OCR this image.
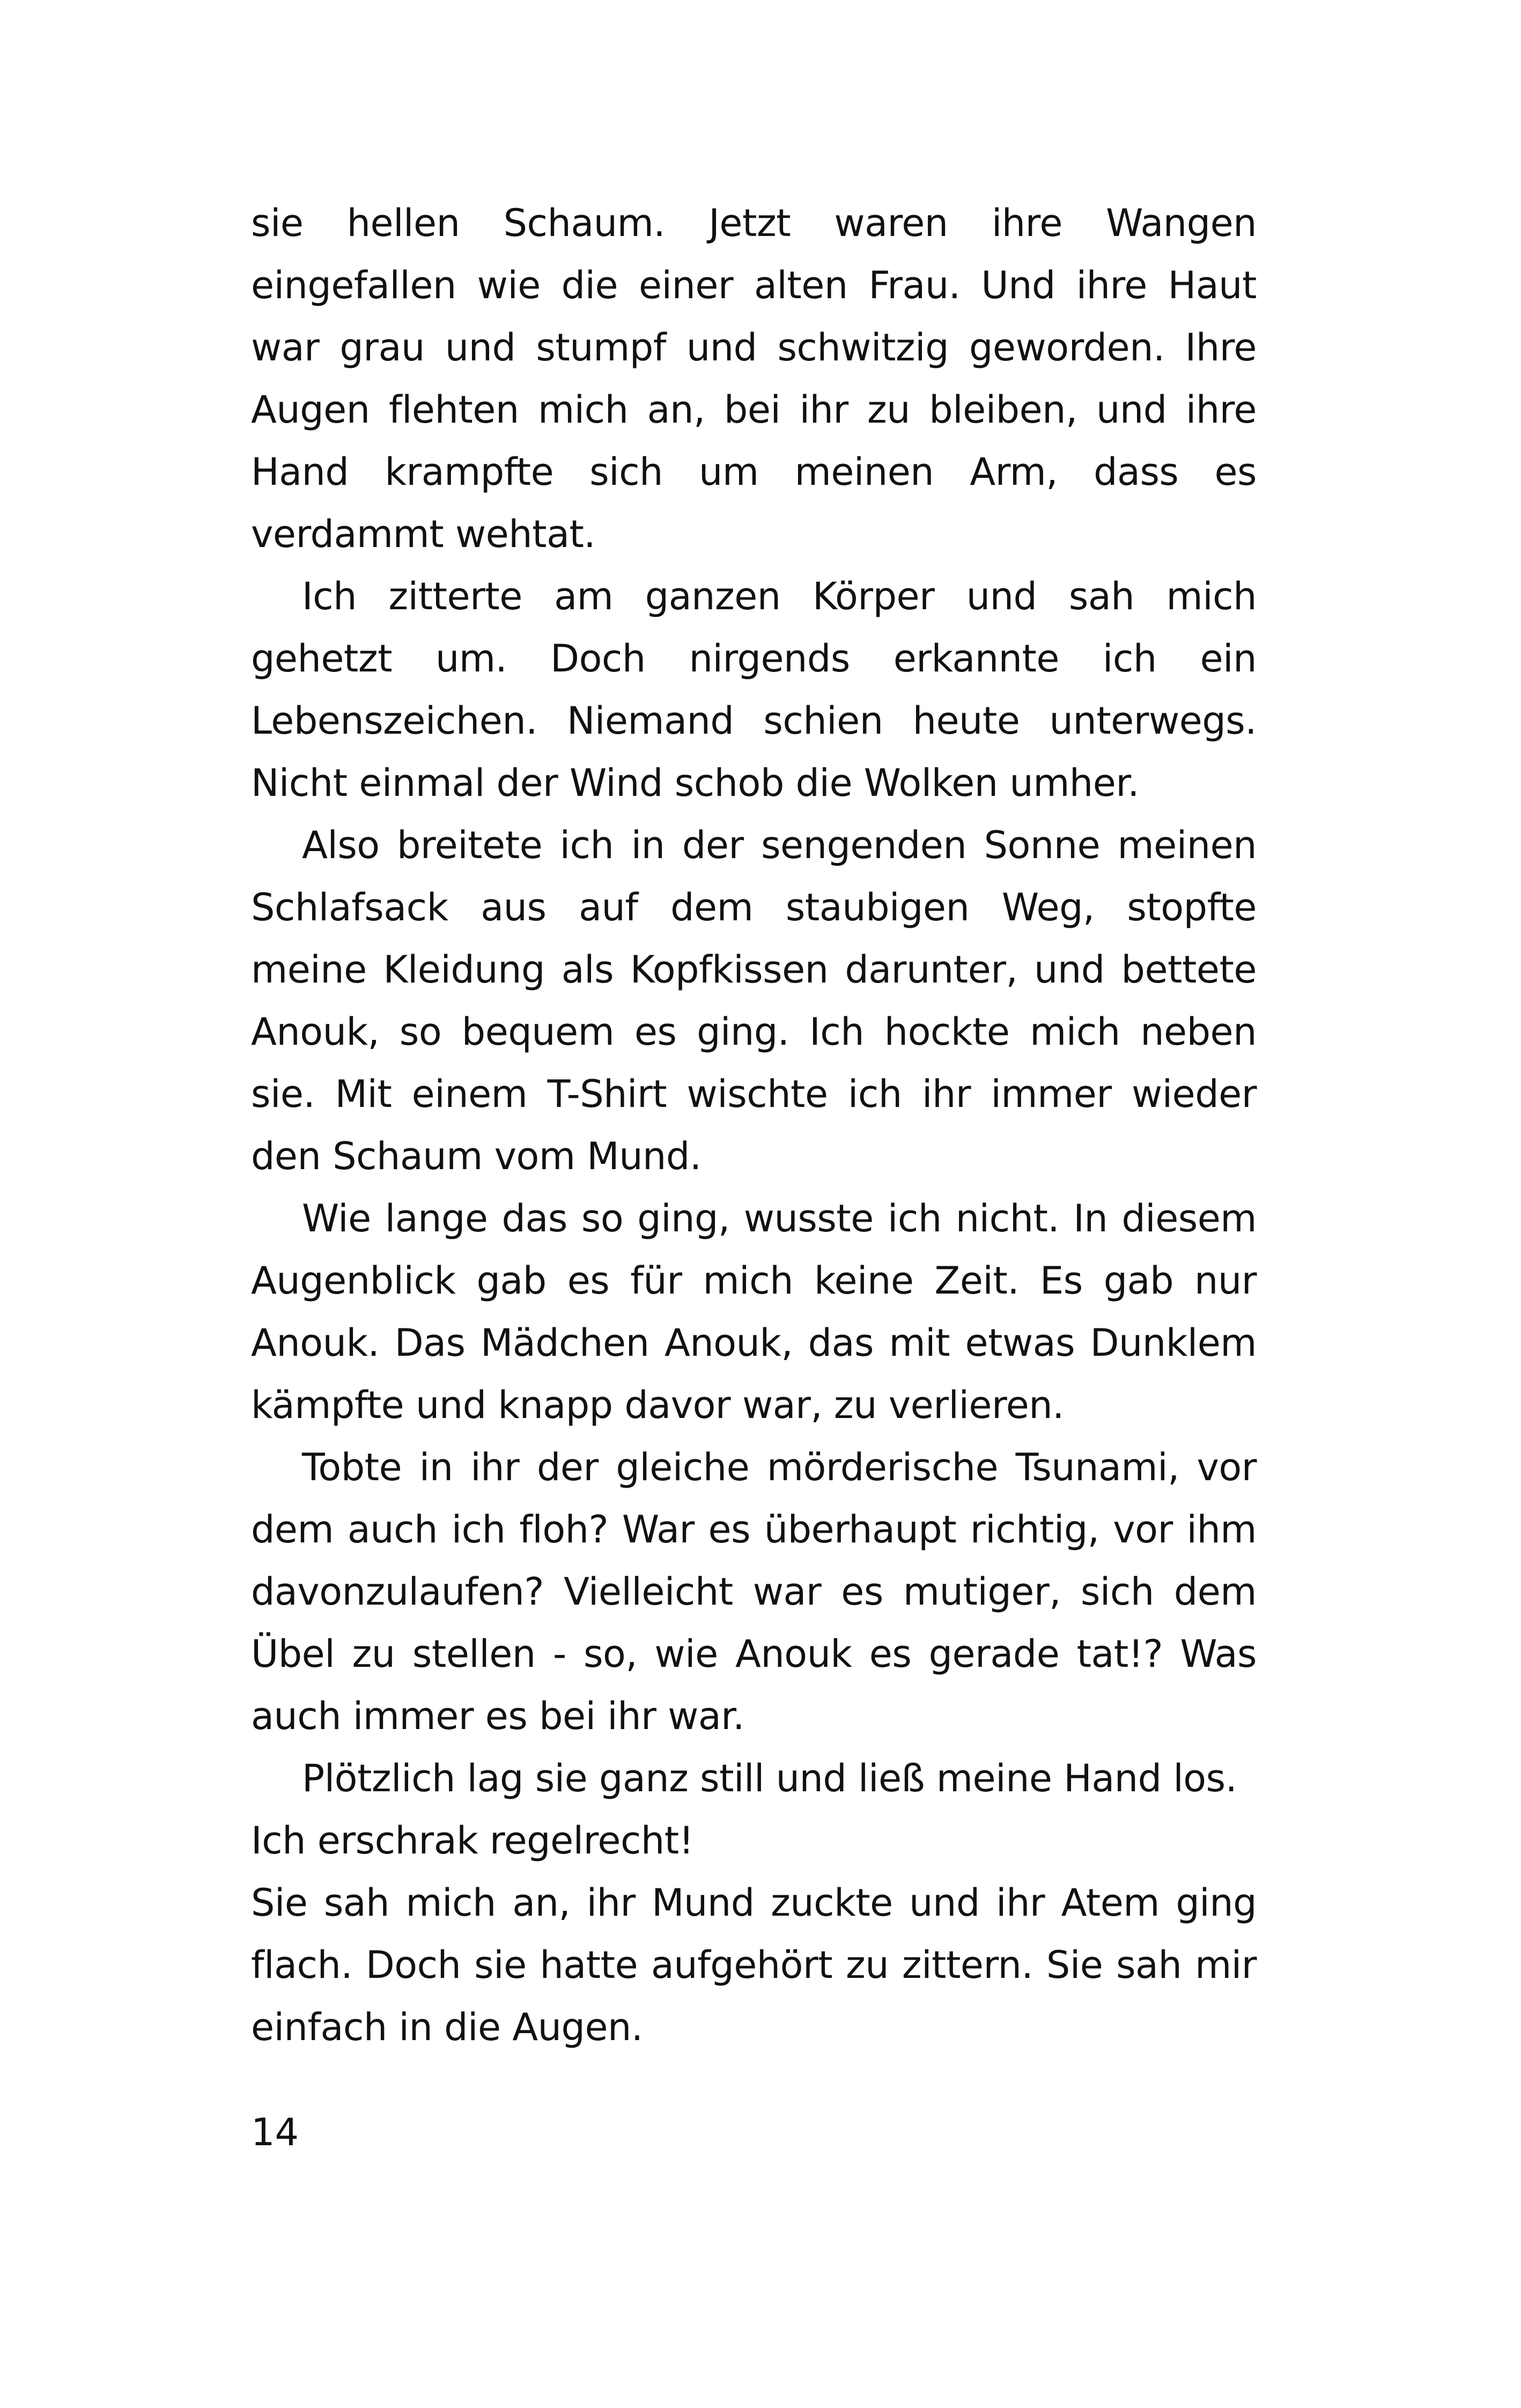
sie hellen Schaum. Jetzt waren ihre Wangen eingefallen wie die einer alten Frau. Und ihre Haut war grau und stumpf und schwitzig geworden. Ihre Augen flehten mich an, bei ihr zu bleiben, und ihre Hand krampfte sich um meinen Arm, dass es verdammt wehtat.

Ich zitterte am ganzen Körper und sah mich gehetzt um. Doch nirgends erkannte ich ein Lebenszeichen. Niemand schien heute unterwegs. Nicht einmal der Wind schob die Wolken umher.

Also breitete ich in der sengenden Sonne meinen Schlafsack aus auf dem staubigen Weg, stopfte meine Kleidung als Kopfkissen darunter, und bettete Anouk, so bequem es ging. Ich hockte mich neben sie. Mit einem T-Shirt wischte ich ihr immer wieder den Schaum vom Mund.

Wie lange das so ging, wusste ich nicht. In diesem Augenblick gab es für mich keine Zeit. Es gab nur Anouk. Das Mädchen Anouk, das mit etwas Dunklem kämpfte und knapp davor war, zu verlieren.

Tobte in ihr der gleiche mörderische Tsunami, vor dem auch ich floh? War es überhaupt richtig, vor ihm davonzulaufen? Vielleicht war es mutiger, sich dem Übel zu stellen - so, wie Anouk es gerade tat!? Was auch immer es bei ihr war.

Plötzlich lag sie ganz still und ließ meine Hand los.

Ich erschrak regelrecht!

Sie sah mich an, ihr Mund zuckte und ihr Atem ging flach. Doch sie hatte aufgehört zu zittern. Sie sah mir einfach in die Augen.

14
